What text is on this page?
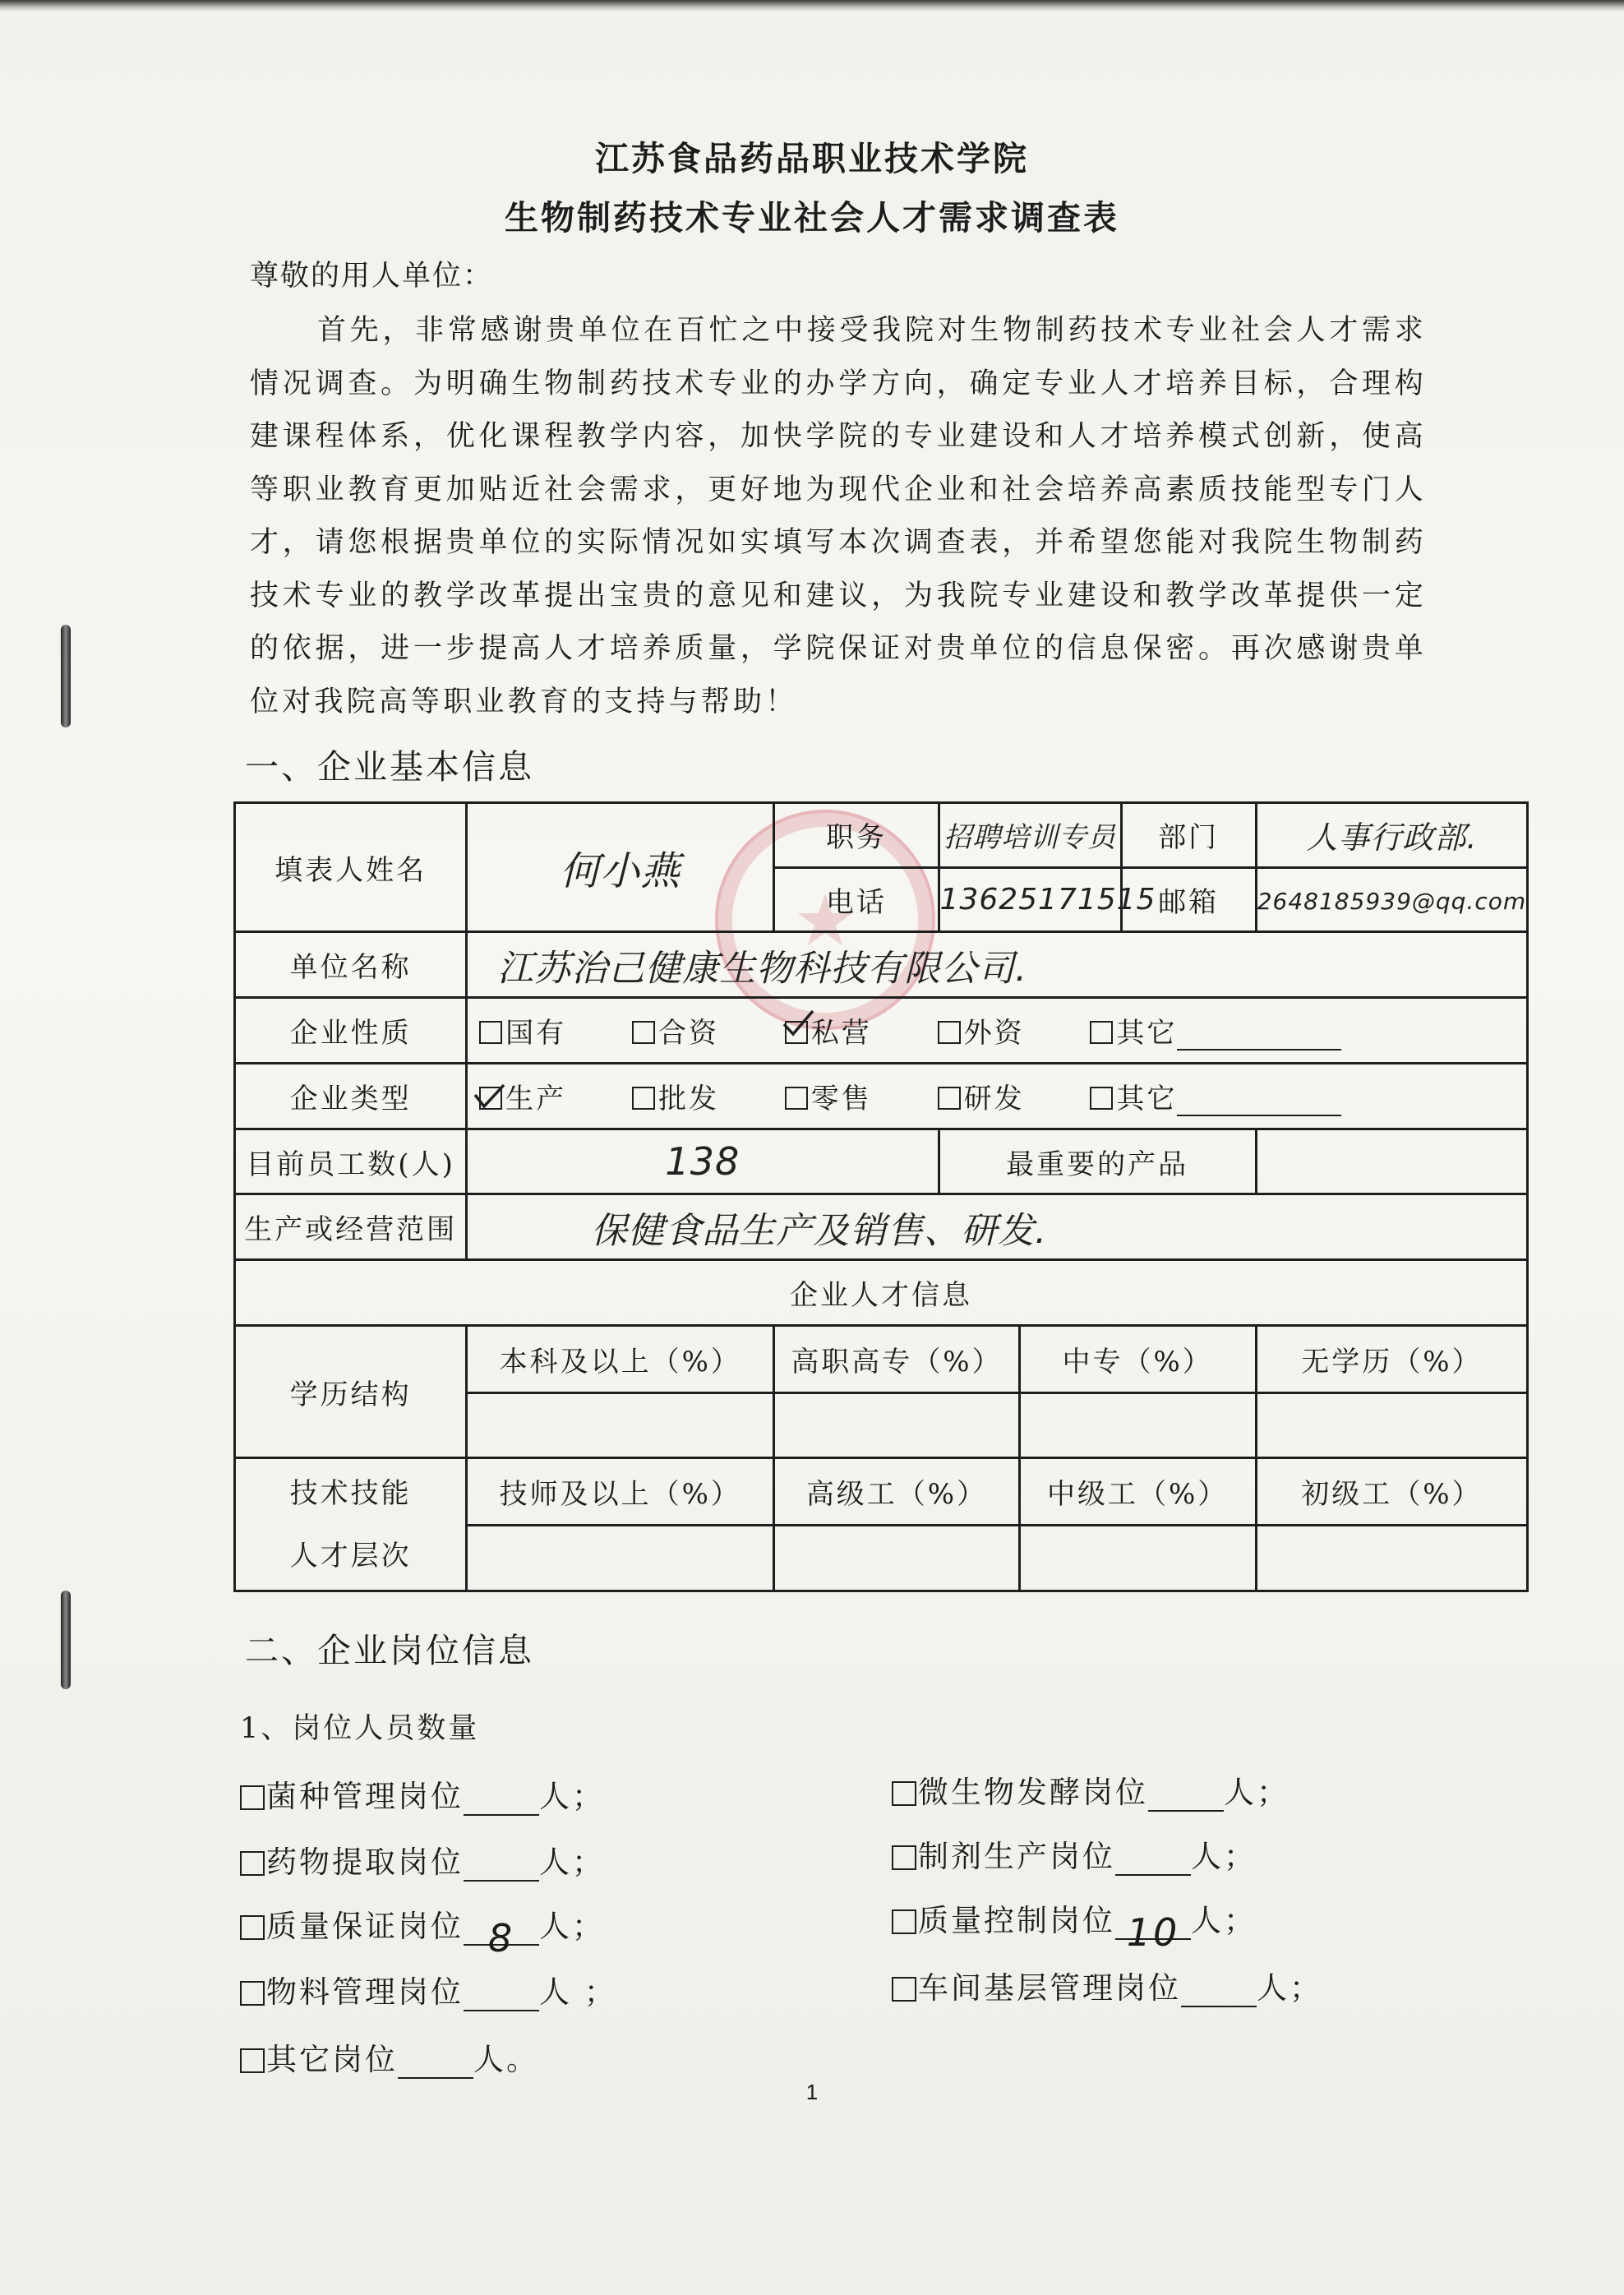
江苏食品药品职业技术学院
生物制药技术专业社会人才需求调查表
尊敬的用人单位：
首先，非常感谢贵单位在百忙之中接受我院对生物制药技术专业社会人才需求情况调查。为明确生物制药技术专业的办学方向，确定专业人才培养目标，合理构建课程体系，优化课程教学内容，加快学院的专业建设和人才培养模式创新，使高等职业教育更加贴近社会需求，更好地为现代企业和社会培养高素质技能型专门人才，请您根据贵单位的实际情况如实填写本次调查表，并希望您能对我院生物制药技术专业的教学改革提出宝贵的意见和建议，为我院专业建设和教学改革提供一定的依据，进一步提高人才培养质量，学院保证对贵单位的信息保密。再次感谢贵单位对我院高等职业教育的支持与帮助！
一、企业基本信息
填表人姓名	何小燕	职务	招聘培训专员		部门	人事行政部.
		电话	13625171515		邮箱	2648185939@qq.com
单位名称	江苏治己健康生物科技有限公司.					
企业性质	国有 合资 私营 外资 其它					
企业类型	生产 批发 零售 研发 其它					
目前员工数(人)	138		最重要的产品			
生产或经营范围	保健食品生产及销售、研发.					
企业人才信息						
学历结构	本科及以上（%）	高职高专（%）		中专（%）		无学历（%）

技术技能
人才层次	技师及以上（%）	高级工（%）		中级工（%）		初级工（%）

二、企业岗位信息
1、岗位人员数量
菌种管理岗位 人；	微生物发酵岗位 人；
药物提取岗位 人；	制剂生产岗位 人；
质量保证岗位 8 人；	质量控制岗位 10 人；
物料管理岗位 人 ；	车间基层管理岗位 人；
其它岗位 人。
1
